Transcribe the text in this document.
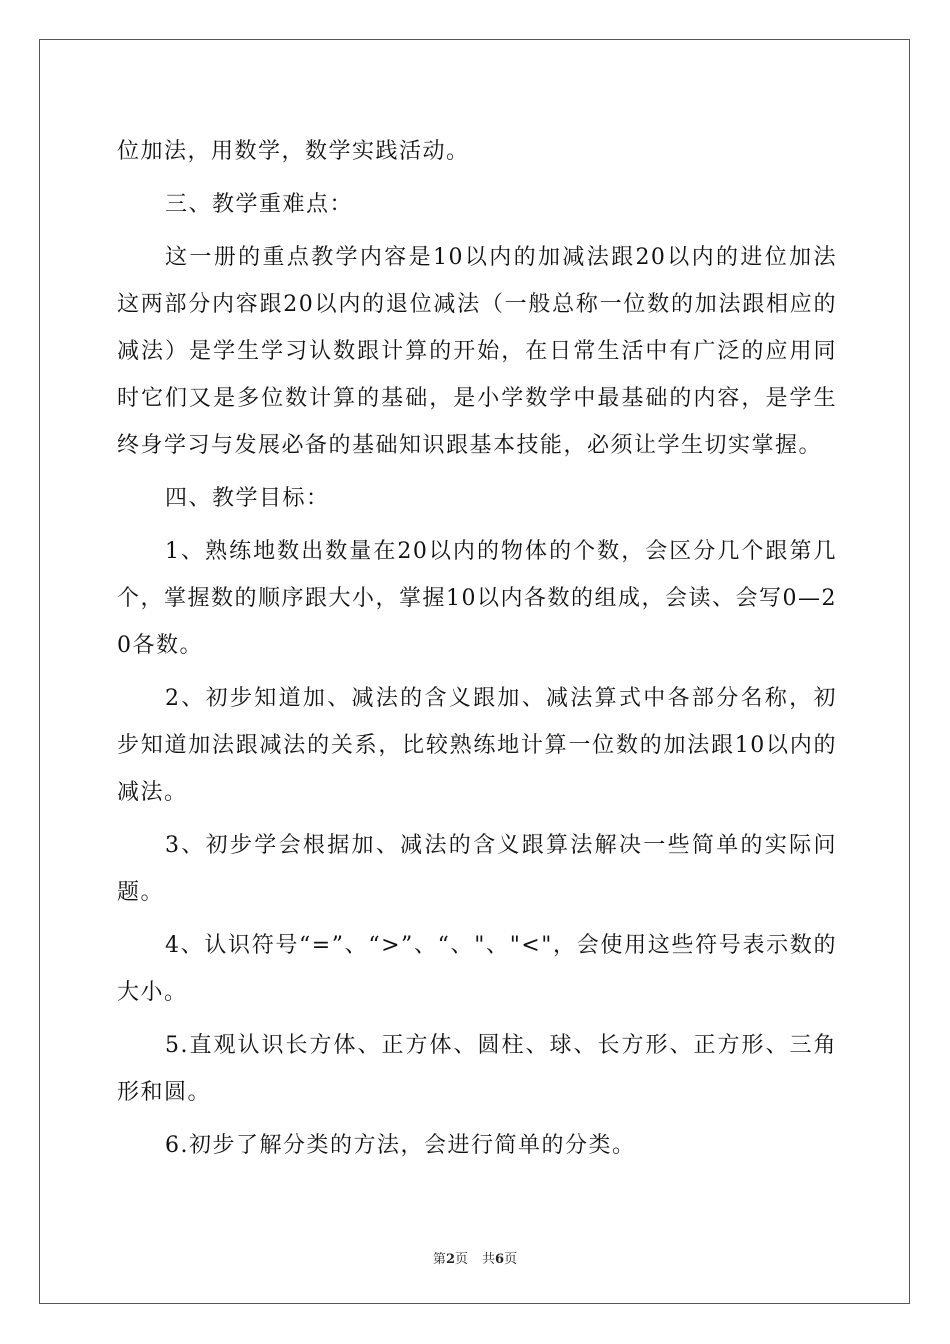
位加法，用数学，数学实践活动。

三、教学重难点：

这一册的重点教学内容是10以内的加减法跟20以内的进位加法这两部分内容跟20以内的退位减法（一般总称一位数的加法跟相应的减法）是学生学习认数跟计算的开始，在日常生活中有广泛的应用同时它们又是多位数计算的基础，是小学数学中最基础的内容，是学生终身学习与发展必备的基础知识跟基本技能，必须让学生切实掌握。

四、教学目标：

1、熟练地数出数量在20以内的物体的个数，会区分几个跟第几个，掌握数的顺序跟大小，掌握10以内各数的组成，会读、会写0—20各数。

2、初步知道加、减法的含义跟加、减法算式中各部分名称，初步知道加法跟减法的关系，比较熟练地计算一位数的加法跟10以内的减法。

3、初步学会根据加、减法的含义跟算法解决一些简单的实际问题。

4、认识符号“=”、“>”、“、"、"<"，会使用这些符号表示数的大小。

5.直观认识长方体、正方体、圆柱、球、长方形、正方形、三角形和圆。

6.初步了解分类的方法，会进行简单的分类。

第2页 共6页
